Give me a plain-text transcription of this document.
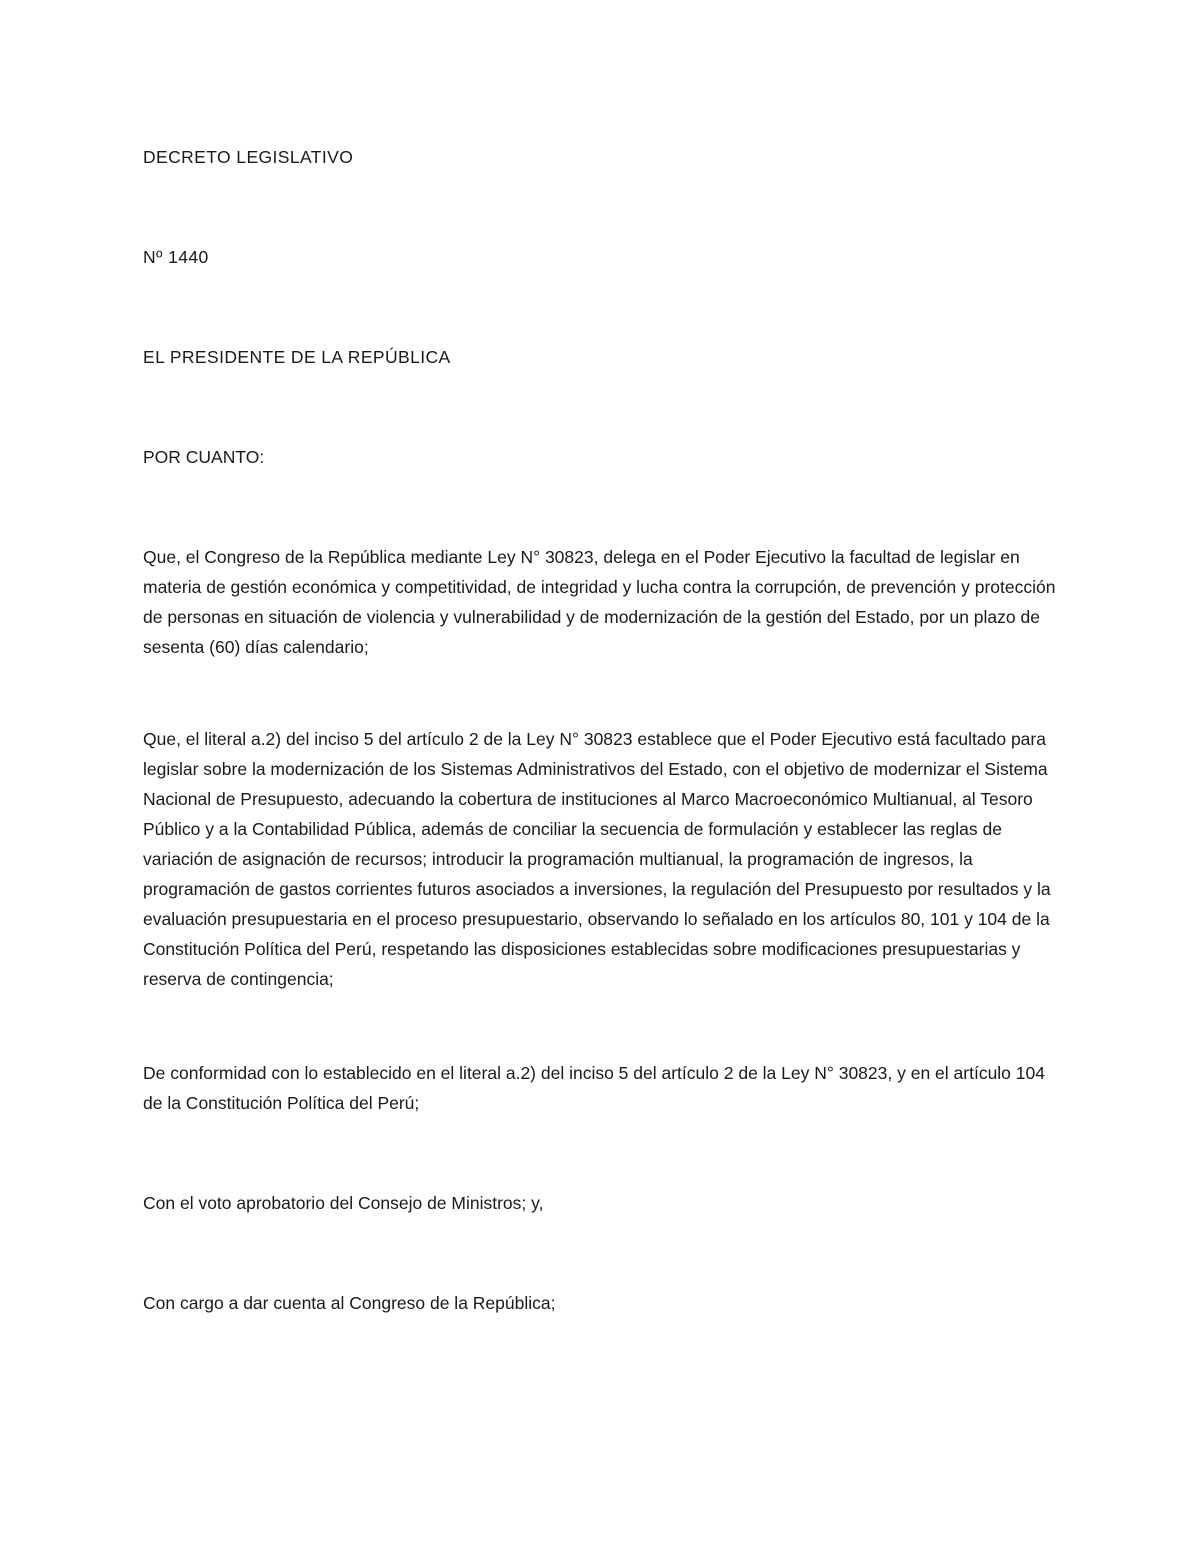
DECRETO LEGISLATIVO

Nº 1440

EL PRESIDENTE DE LA REPÚBLICA

POR CUANTO:

Que, el Congreso de la República mediante Ley N° 30823, delega en el Poder Ejecutivo la facultad de legislar en materia de gestión económica y competitividad, de integridad y lucha contra la corrupción, de prevención y protección de personas en situación de violencia y vulnerabilidad y de modernización de la gestión del Estado, por un plazo de sesenta (60) días calendario;

Que, el literal a.2) del inciso 5 del artículo 2 de la Ley N° 30823 establece que el Poder Ejecutivo está facultado para legislar sobre la modernización de los Sistemas Administrativos del Estado, con el objetivo de modernizar el Sistema Nacional de Presupuesto, adecuando la cobertura de instituciones al Marco Macroeconómico Multianual, al Tesoro Público y a la Contabilidad Pública, además de conciliar la secuencia de formulación y establecer las reglas de variación de asignación de recursos; introducir la programación multianual, la programación de ingresos, la programación de gastos corrientes futuros asociados a inversiones, la regulación del Presupuesto por resultados y la evaluación presupuestaria en el proceso presupuestario, observando lo señalado en los artículos 80, 101 y 104 de la Constitución Política del Perú, respetando las disposiciones establecidas sobre modificaciones presupuestarias y reserva de contingencia;

De conformidad con lo establecido en el literal a.2) del inciso 5 del artículo 2 de la Ley N° 30823, y en el artículo 104 de la Constitución Política del Perú;

Con el voto aprobatorio del Consejo de Ministros; y,

Con cargo a dar cuenta al Congreso de la República;
